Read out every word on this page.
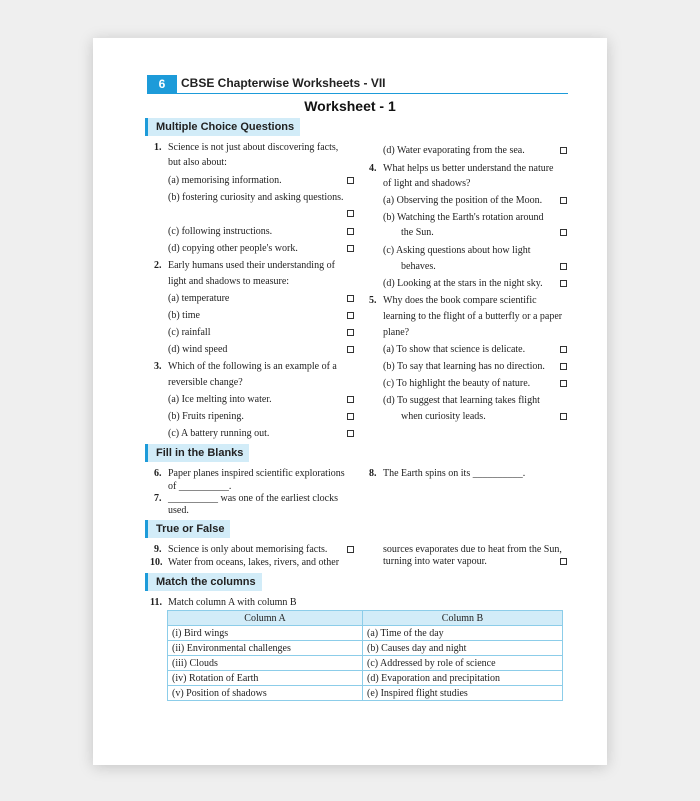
6	CBSE Chapterwise Worksheets - VII
Worksheet - 1
Multiple Choice Questions
1. Science is not just about discovering facts,
but also about:
(a) memorising information.
(b) fostering curiosity and asking questions.
(c) following instructions.
(d) copying other people's work.
2. Early humans used their understanding of
light and shadows to measure:
(a) temperature
(b) time
(c) rainfall
(d) wind speed
3. Which of the following is an example of a
reversible change?
(a) Ice melting into water.
(b) Fruits ripening.
(c) A battery running out.
(d) Water evaporating from the sea.
4. What helps us better understand the nature
of light and shadows?
(a) Observing the position of the Moon.
(b) Watching the Earth's rotation around
the Sun.
(c) Asking questions about how light
behaves.
(d) Looking at the stars in the night sky.
5. Why does the book compare scientific
learning to the flight of a butterfly or a paper
plane?
(a) To show that science is delicate.
(b) To say that learning has no direction.
(c) To highlight the beauty of nature.
(d) To suggest that learning takes flight
when curiosity leads.
Fill in the Blanks
6. Paper planes inspired scientific explorations
of __________.
7. __________ was one of the earliest clocks
used.
8. The Earth spins on its __________.
True or False
9. Science is only about memorising facts.
10. Water from oceans, lakes, rivers, and other
sources evaporates due to heat from the Sun,
turning into water vapour.
Match the columns
11. Match column A with column B
Column A	Column B
(i) Bird wings	(a) Time of the day
(ii) Environmental challenges	(b) Causes day and night
(iii) Clouds	(c) Addressed by role of science
(iv) Rotation of Earth	(d) Evaporation and precipitation
(v) Position of shadows	(e) Inspired flight studies
